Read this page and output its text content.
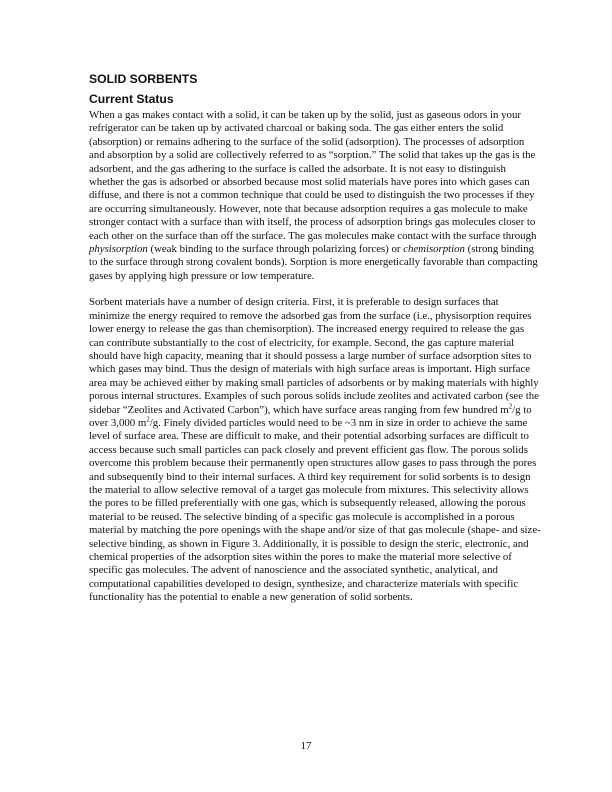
SOLID SORBENTS
Current Status

When a gas makes contact with a solid, it can be taken up by the solid, just as gaseous odors in your refrigerator can be taken up by activated charcoal or baking soda. The gas either enters the solid (absorption) or remains adhering to the surface of the solid (adsorption). The processes of adsorption and absorption by a solid are collectively referred to as “sorption.” The solid that takes up the gas is the adsorbent, and the gas adhering to the surface is called the adsorbate. It is not easy to distinguish whether the gas is adsorbed or absorbed because most solid materials have pores into which gases can diffuse, and there is not a common technique that could be used to distinguish the two processes if they are occurring simultaneously. However, note that because adsorption requires a gas molecule to make stronger contact with a surface than with itself, the process of adsorption brings gas molecules closer to each other on the surface than off the surface. The gas molecules make contact with the surface through physisorption (weak binding to the surface through polarizing forces) or chemisorption (strong binding to the surface through strong covalent bonds). Sorption is more energetically favorable than compacting gases by applying high pressure or low temperature.

Sorbent materials have a number of design criteria. First, it is preferable to design surfaces that minimize the energy required to remove the adsorbed gas from the surface (i.e., physisorption requires lower energy to release the gas than chemisorption). The increased energy required to release the gas can contribute substantially to the cost of electricity, for example. Second, the gas capture material should have high capacity, meaning that it should possess a large number of surface adsorption sites to which gases may bind. Thus the design of materials with high surface areas is important. High surface area may be achieved either by making small particles of adsorbents or by making materials with highly porous internal structures. Examples of such porous solids include zeolites and activated carbon (see the sidebar “Zeolites and Activated Carbon”), which have surface areas ranging from few hundred $m^2/g$ to over 3,000 $m^2/g$. Finely divided particles would need to be ~3 nm in size in order to achieve the same level of surface area. These are difficult to make, and their potential adsorbing surfaces are difficult to access because such small particles can pack closely and prevent efficient gas flow. The porous solids overcome this problem because their permanently open structures allow gases to pass through the pores and subsequently bind to their internal surfaces. A third key requirement for solid sorbents is to design the material to allow selective removal of a target gas molecule from mixtures. This selectivity allows the pores to be filled preferentially with one gas, which is subsequently released, allowing the porous material to be reused. The selective binding of a specific gas molecule is accomplished in a porous material by matching the pore openings with the shape and/or size of that gas molecule (shape- and size-selective binding, as shown in Figure 3. Additionally, it is possible to design the steric, electronic, and chemical properties of the adsorption sites within the pores to make the material more selective of specific gas molecules. The advent of nanoscience and the associated synthetic, analytical, and computational capabilities developed to design, synthesize, and characterize materials with specific functionality has the potential to enable a new generation of solid sorbents.

17
